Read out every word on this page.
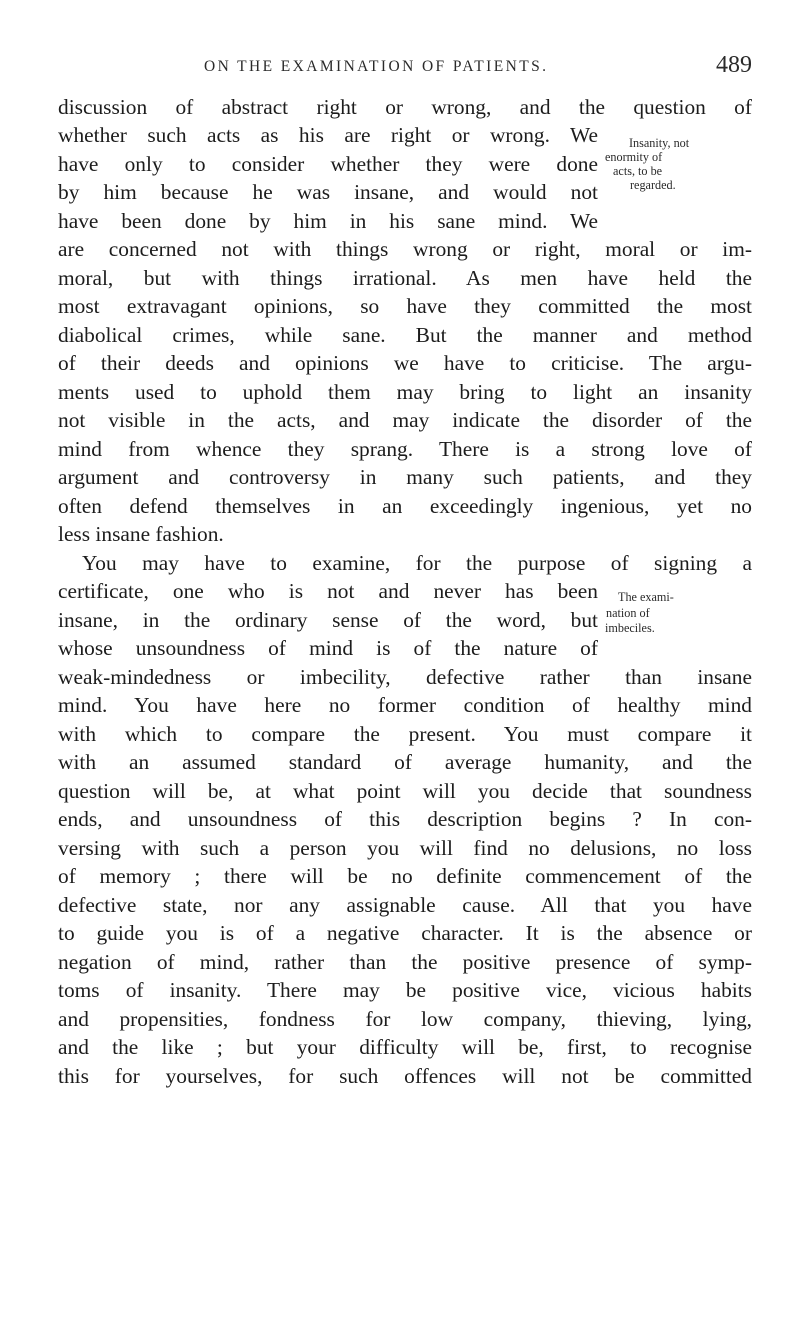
ON THE EXAMINATION OF PATIENTS.	489
discussion of abstract right or wrong, and the question of
whether such acts as his are right or wrong. We
have only to consider whether they were done
by him because he was insane, and would not
have been done by him in his sane mind. We
are concerned not with things wrong or right, moral or im-
moral, but with things irrational. As men have held the
most extravagant opinions, so have they committed the most
diabolical crimes, while sane. But the manner and method
of their deeds and opinions we have to criticise. The argu-
ments used to uphold them may bring to light an insanity
not visible in the acts, and may indicate the disorder of the
mind from whence they sprang. There is a strong love of
argument and controversy in many such patients, and they
often defend themselves in an exceedingly ingenious, yet no
less insane fashion.
You may have to examine, for the purpose of signing a
certificate, one who is not and never has been
insane, in the ordinary sense of the word, but
whose unsoundness of mind is of the nature of
weak-mindedness or imbecility, defective rather than insane
mind. You have here no former condition of healthy mind
with which to compare the present. You must compare it
with an assumed standard of average humanity, and the
question will be, at what point will you decide that soundness
ends, and unsoundness of this description begins ? In con-
versing with such a person you will find no delusions, no loss
of memory ; there will be no definite commencement of the
defective state, nor any assignable cause. All that you have
to guide you is of a negative character. It is the absence or
negation of mind, rather than the positive presence of symp-
toms of insanity. There may be positive vice, vicious habits
and propensities, fondness for low company, thieving, lying,
and the like ; but your difficulty will be, first, to recognise
this for yourselves, for such offences will not be committed
Insanity, not
enormity of
acts, to be
regarded.
The exami-
nation of
imbeciles.
